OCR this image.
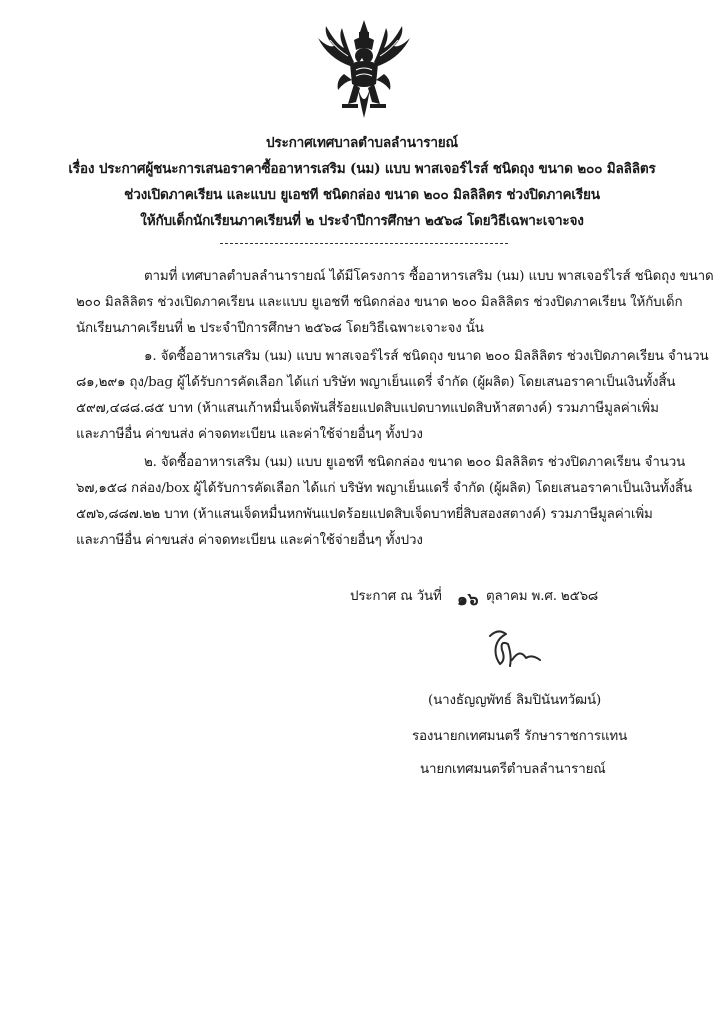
ประกาศเทศบาลตำบลลำนารายณ์
เรื่อง ประกาศผู้ชนะการเสนอราคาซื้ออาหารเสริม (นม) แบบ พาสเจอร์ไรส์ ชนิดถุง ขนาด ๒๐๐ มิลลิลิตร
ช่วงเปิดภาคเรียน และแบบ ยูเอชที ชนิดกล่อง ขนาด ๒๐๐ มิลลิลิตร ช่วงปิดภาคเรียน
ให้กับเด็กนักเรียนภาคเรียนที่ ๒ ประจำปีการศึกษา ๒๕๖๘ โดยวิธีเฉพาะเจาะจง
ตามที่ เทศบาลตำบลลำนารายณ์ ได้มีโครงการ ซื้ออาหารเสริม (นม) แบบ พาสเจอร์ไรส์ ชนิดถุง ขนาด
๒๐๐ มิลลิลิตร ช่วงเปิดภาคเรียน และแบบ ยูเอชที ชนิดกล่อง ขนาด ๒๐๐ มิลลิลิตร ช่วงปิดภาคเรียน ให้กับเด็ก
นักเรียนภาคเรียนที่ ๒ ประจำปีการศึกษา ๒๕๖๘ โดยวิธีเฉพาะเจาะจง นั้น
๑. จัดซื้ออาหารเสริม (นม) แบบ พาสเจอร์ไรส์ ชนิดถุง ขนาด ๒๐๐ มิลลิลิตร ช่วงเปิดภาคเรียน จำนวน
๘๑,๒๙๑ ถุง/bag ผู้ได้รับการคัดเลือก ได้แก่ บริษัท พญาเย็นแดรี่ จำกัด (ผู้ผลิต) โดยเสนอราคาเป็นเงินทั้งสิ้น
๕๙๗,๔๘๘.๘๕ บาท (ห้าแสนเก้าหมื่นเจ็ดพันสี่ร้อยแปดสิบแปดบาทแปดสิบห้าสตางค์) รวมภาษีมูลค่าเพิ่ม
และภาษีอื่น ค่าขนส่ง ค่าจดทะเบียน และค่าใช้จ่ายอื่นๆ ทั้งปวง
๒. จัดซื้ออาหารเสริม (นม) แบบ ยูเอชที ชนิดกล่อง ขนาด ๒๐๐ มิลลิลิตร ช่วงปิดภาคเรียน จำนวน
๖๗,๑๕๘ กล่อง/box ผู้ได้รับการคัดเลือก ได้แก่ บริษัท พญาเย็นแดรี่ จำกัด (ผู้ผลิต) โดยเสนอราคาเป็นเงินทั้งสิ้น
๕๗๖,๘๘๗.๒๒ บาท (ห้าแสนเจ็ดหมื่นหกพันแปดร้อยแปดสิบเจ็ดบาทยี่สิบสองสตางค์) รวมภาษีมูลค่าเพิ่ม
และภาษีอื่น ค่าขนส่ง ค่าจดทะเบียน และค่าใช้จ่ายอื่นๆ ทั้งปวง
ประกาศ ณ วันที่ ๑๖ ตุลาคม พ.ศ. ๒๕๖๘
(นางธัญญพัทธ์ ลิมปินันทวัฒน์)
รองนายกเทศมนตรี รักษาราชการแทน
นายกเทศมนตรีตำบลลำนารายณ์
